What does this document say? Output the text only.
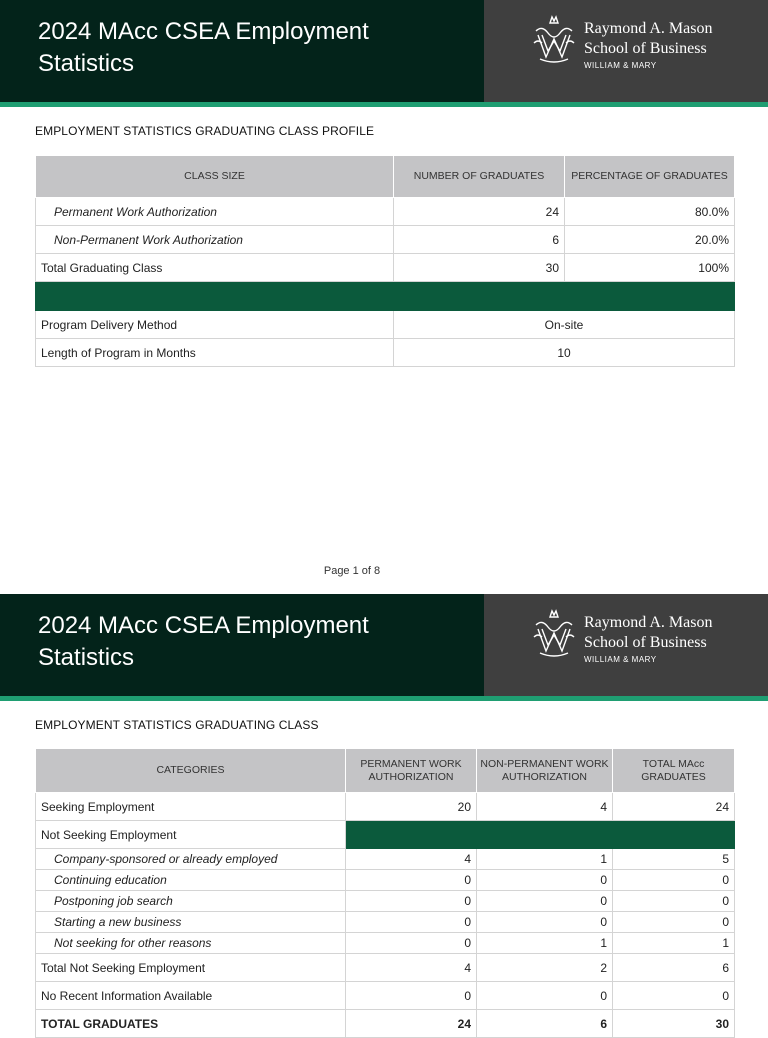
2024 MAcc CSEA Employment
Statistics
Raymond A. Mason
School of Business
WILLIAM & MARY
EMPLOYMENT STATISTICS GRADUATING CLASS PROFILE
CLASS SIZE	NUMBER OF GRADUATES	PERCENTAGE OF GRADUATES
Permanent Work Authorization	24	80.0%
Non-Permanent Work Authorization	6	20.0%
Total Graduating Class	30	100%

Program Delivery Method	On-site	
Length of Program in Months	10	
Page 1 of 8
2024 MAcc CSEA Employment
Statistics
Raymond A. Mason
School of Business
WILLIAM & MARY
EMPLOYMENT STATISTICS GRADUATING CLASS
CATEGORIES	PERMANENT WORK AUTHORIZATION	NON-PERMANENT WORK AUTHORIZATION	TOTAL MAcc GRADUATES
Seeking Employment	20	4	24
Not Seeking Employment			
Company-sponsored or already employed	4	1	5
Continuing education	0	0	0
Postponing job search	0	0	0
Starting a new business	0	0	0
Not seeking for other reasons	0	1	1
Total Not Seeking Employment	4	2	6
No Recent Information Available	0	0	0
TOTAL GRADUATES	24	6	30
